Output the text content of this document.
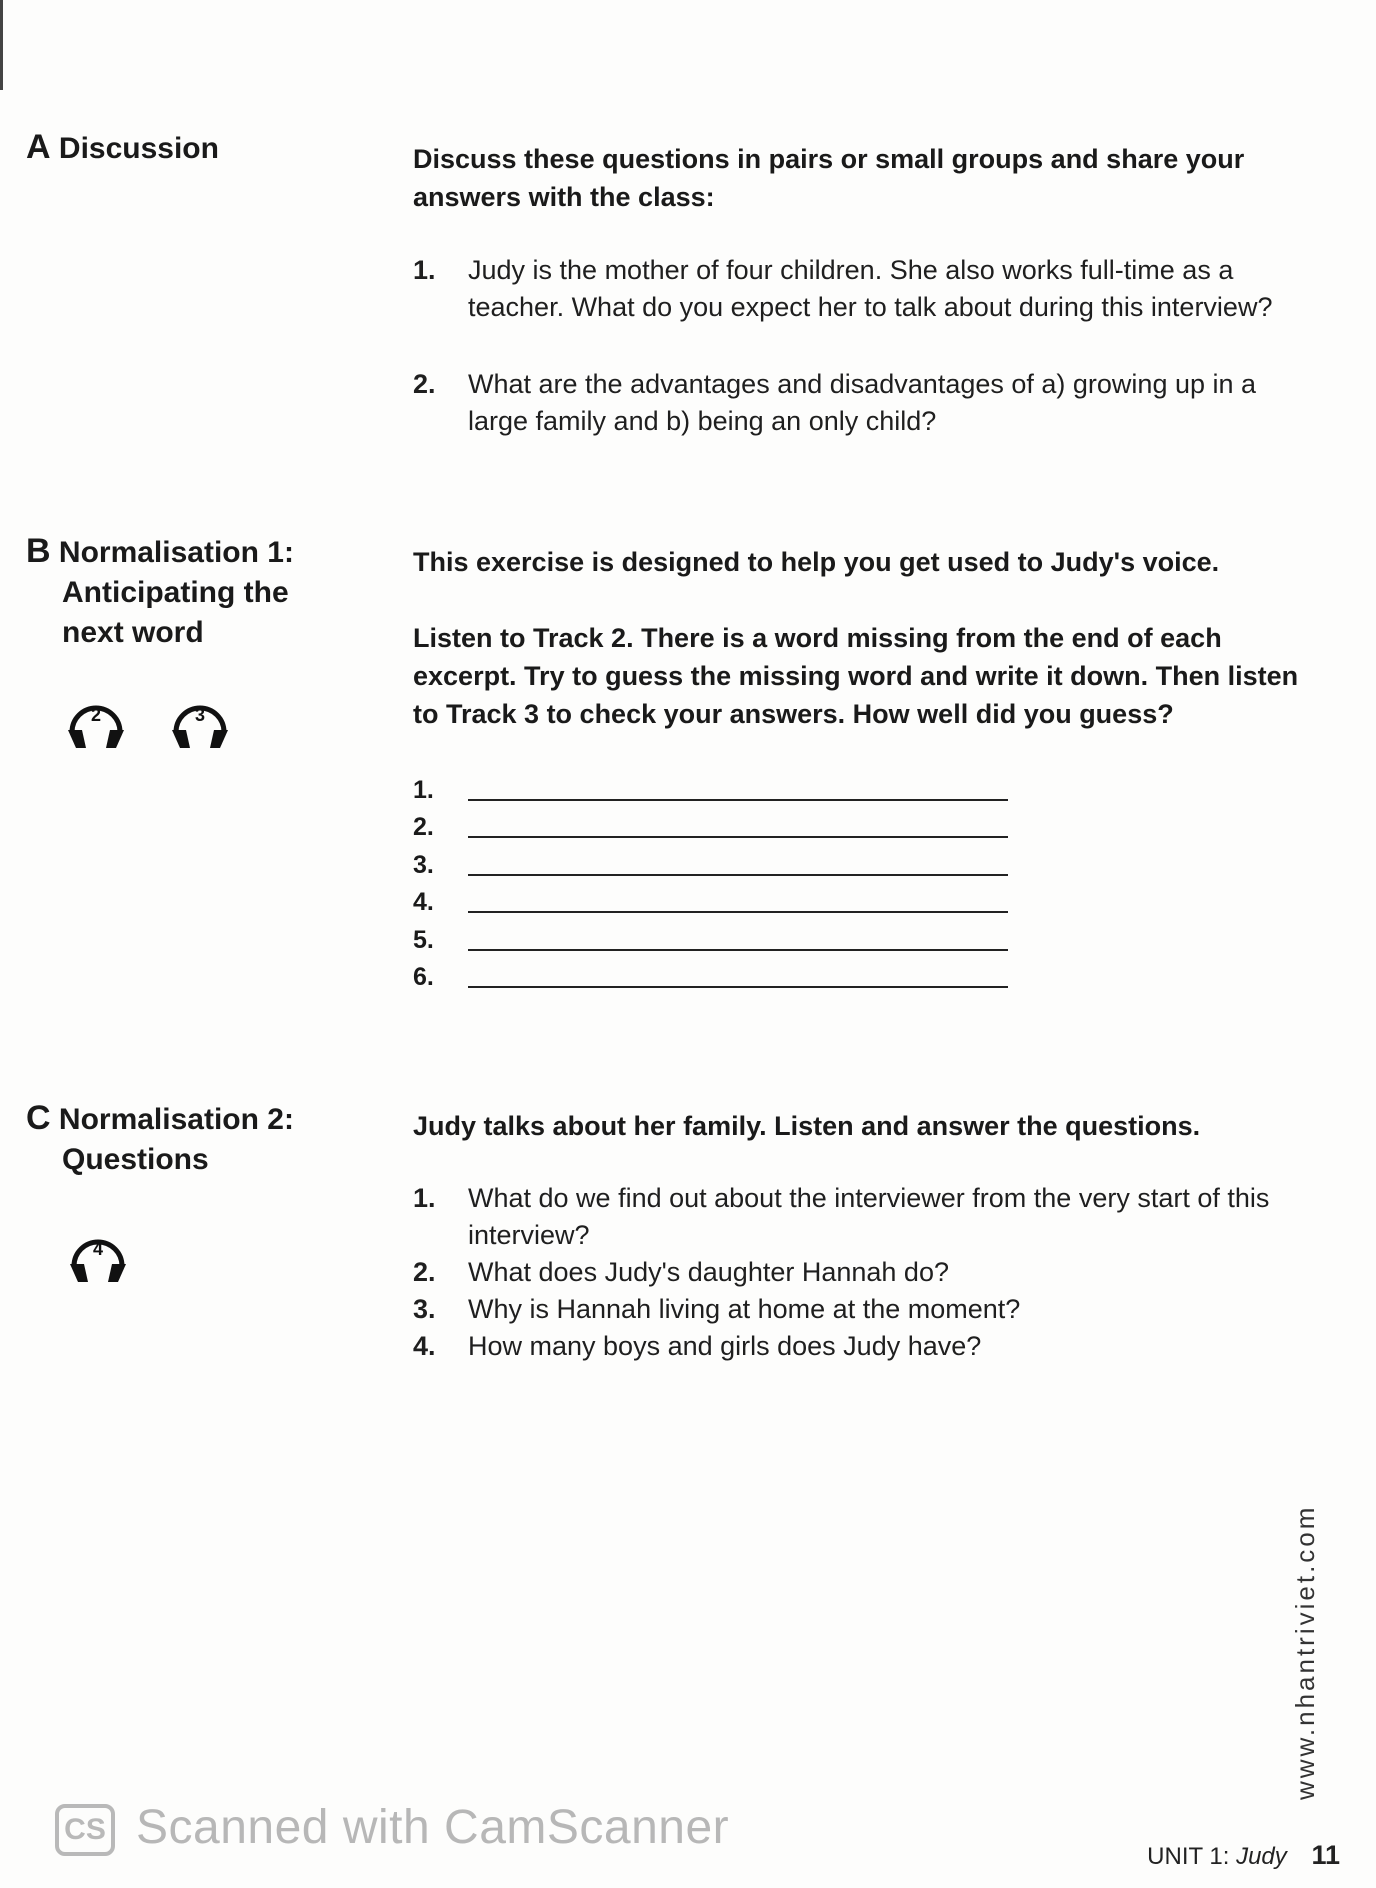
A Discussion	Discuss these questions in pairs or small groups and share your answers with the class:
1. Judy is the mother of four children. She also works full-time as a teacher. What do you expect her to talk about during this interview?
2. What are the advantages and disadvantages of a) growing up in a large family and b) being an only child?
B Normalisation 1:
Anticipating the
next word
2	3
This exercise is designed to help you get used to Judy's voice.
Listen to Track 2. There is a word missing from the end of each excerpt. Try to guess the missing word and write it down. Then listen to Track 3 to check your answers. How well did you guess?
1.
2.
3.
4.
5.
6.
C Normalisation 2:
Questions
4
Judy talks about her family. Listen and answer the questions.
1. What do we find out about the interviewer from the very start of this interview?
2. What does Judy's daughter Hannah do?
3. Why is Hannah living at home at the moment?
4. How many boys and girls does Judy have?
www.nhantriviet.com
CS Scanned with CamScanner
UNIT 1: Judy 11
